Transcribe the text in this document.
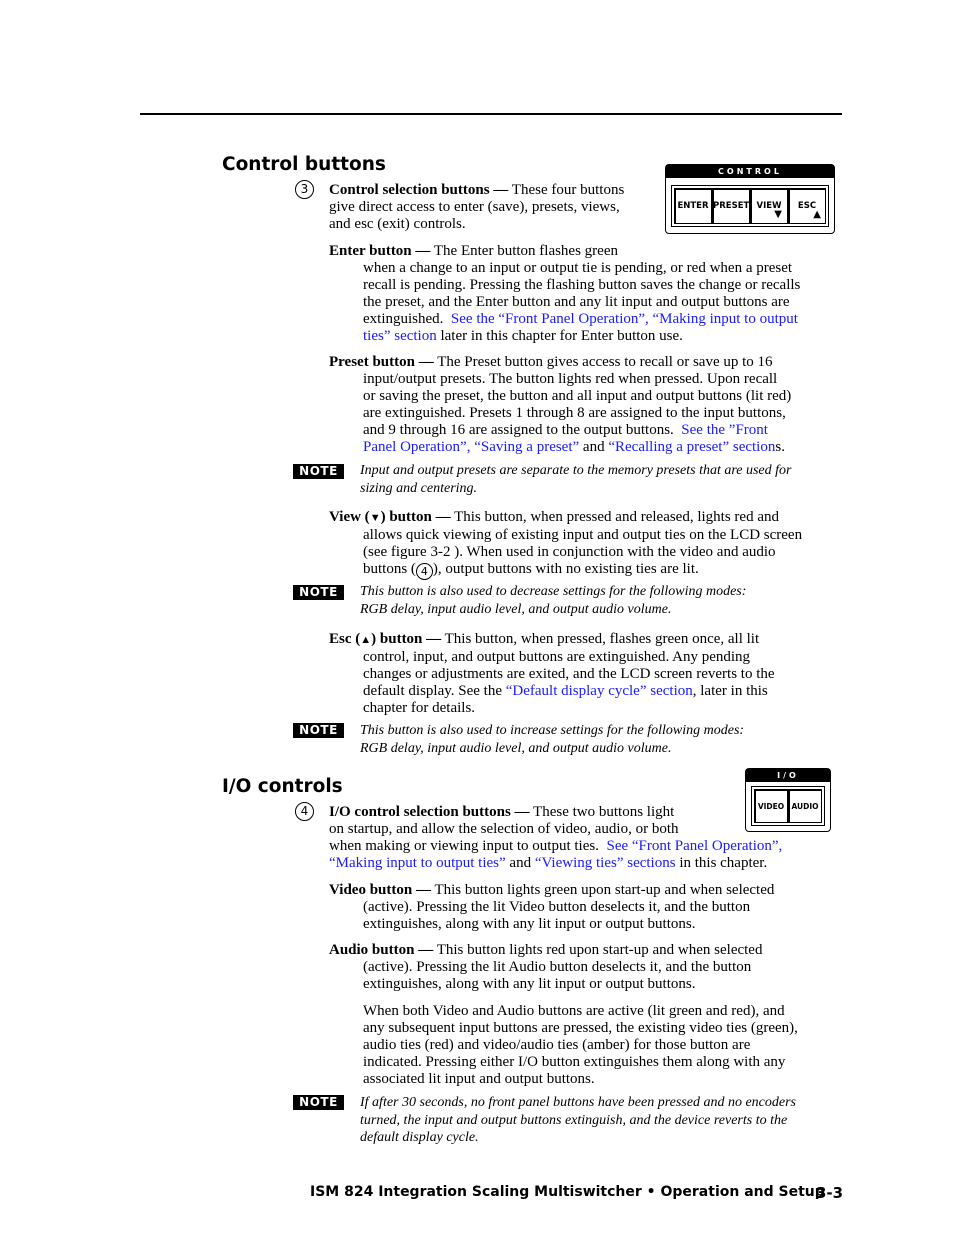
Control buttons	CONTROL
ENTER PRESET VIEW
▼
ESC
▲
3	Control selection buttons — These four buttons
give direct access to enter (save), presets, views,
and esc (exit) controls.
Enter button — The Enter button flashes green
when a change to an input or output tie is pending, or red when a preset
recall is pending. Pressing the flashing button saves the change or recalls
the preset, and the Enter button and any lit input and output buttons are
extinguished. See the “Front Panel Operation”, “Making input to output
ties” section later in this chapter for Enter button use.
Preset button — The Preset button gives access to recall or save up to 16
input/output presets. The button lights red when pressed. Upon recall
or saving the preset, the button and all input and output buttons (lit red)
are extinguished. Presets 1 through 8 are assigned to the input buttons,
and 9 through 16 are assigned to the output buttons. See the ”Front
Panel Operation”, “Saving a preset” and “Recalling a preset” sections.
NOTE	Input and output presets are separate to the memory presets that are used for
sizing and centering.
View (▼) button — This button, when pressed and released, lights red and
allows quick viewing of existing input and output ties on the LCD screen
(see figure 3-2 ). When used in conjunction with the video and audio
buttons ( 4 ), output buttons with no existing ties are lit.
NOTE	This button is also used to decrease settings for the following modes:
RGB delay, input audio level, and output audio volume.
Esc (▲) button — This button, when pressed, flashes green once, all lit
control, input, and output buttons are extinguished. Any pending
changes or adjustments are exited, and the LCD screen reverts to the
default display. See the “Default display cycle” section, later in this
chapter for details.
NOTE	This button is also used to increase settings for the following modes:
RGB delay, input audio level, and output audio volume.
I/O controls
I/O
VIDEO AUDIO
4	I/O control selection buttons — These two buttons light
on startup, and allow the selection of video, audio, or both
when making or viewing input to output ties. See “Front Panel Operation”,
“Making input to output ties” and “Viewing ties” sections in this chapter.
Video button — This button lights green upon start-up and when selected
(active). Pressing the lit Video button deselects it, and the button
extinguishes, along with any lit input or output buttons.
Audio button — This button lights red upon start-up and when selected
(active). Pressing the lit Audio button deselects it, and the button
extinguishes, along with any lit input or output buttons.
When both Video and Audio buttons are active (lit green and red), and
any subsequent input buttons are pressed, the existing video ties (green),
audio ties (red) and video/audio ties (amber) for those button are
indicated. Pressing either I/O button extinguishes them along with any
associated lit input and output buttons.
NOTE	If after 30 seconds, no front panel buttons have been pressed and no encoders
turned, the input and output buttons extinguish, and the device reverts to the
default display cycle.
ISM 824 Integration Scaling Multiswitcher • Operation and Setup
3-3
